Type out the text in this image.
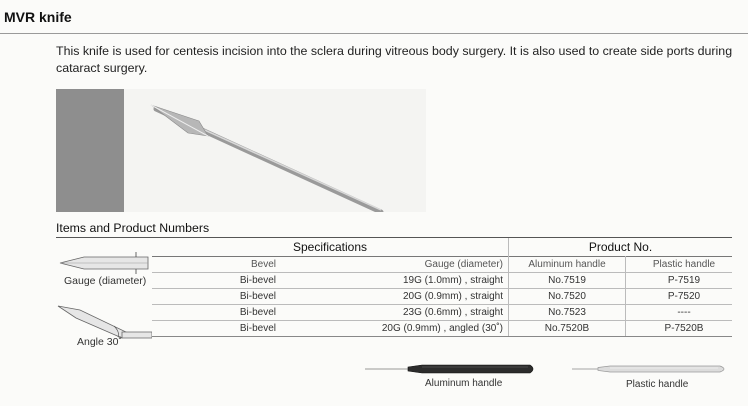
MVR knife
This knife is used for centesis incision into the sclera during vitreous body surgery. It is also used to create side ports during cataract surgery.
Items and Product Numbers
Gauge (diameter)
Angle 30˚
Specifications		Product No.	
Bevel	Gauge (diameter)	Aluminum handle	Plastic handle
Bi-bevel	19G (1.0mm) , straight	No.7519	P-7519
Bi-bevel	20G (0.9mm) , straight	No.7520	P-7520
Bi-bevel	23G (0.6mm) , straight	No.7523	----
Bi-bevel	20G (0.9mm) , angled (30˚)	No.7520B	P-7520B
Aluminum handle	Plastic handle
